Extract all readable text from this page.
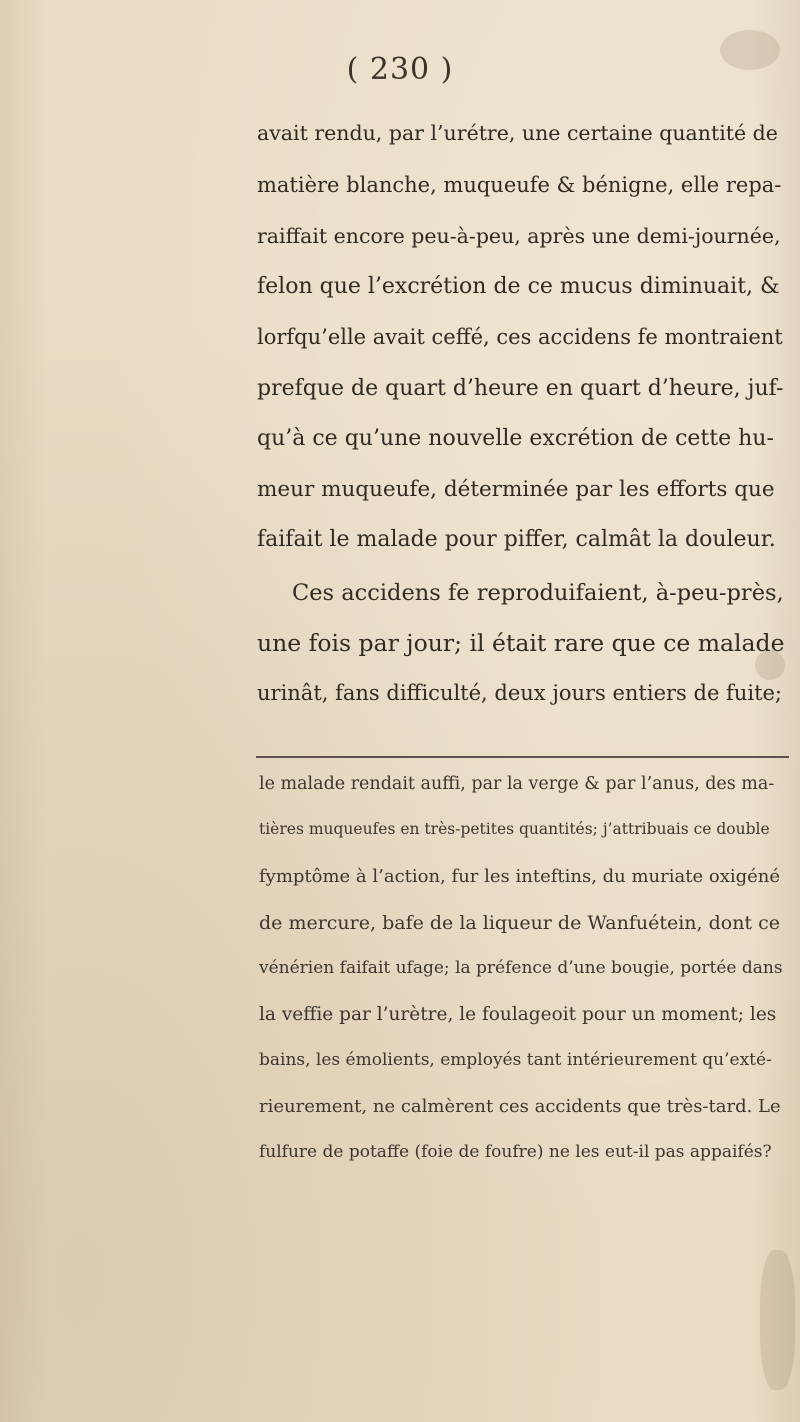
( 230 )
avait rendu, par l’urétre, une certaine quantité de
matière blanche, muqueufe & bénigne, elle repa-
raiffait encore peu-à-peu, après une demi-journée,
felon que l’excrétion de ce mucus diminuait, &
lorfqu’elle avait ceffé, ces accidens fe montraient
prefque de quart d’heure en quart d’heure, juf-
qu’à ce qu’une nouvelle excrétion de cette hu-
meur muqueufe, déterminée par les efforts que
faifait le malade pour piffer, calmât la douleur.
Ces accidens fe reproduifaient, à-peu-près,
une fois par jour; il était rare que ce malade
urinât, fans difficulté, deux jours entiers de fuite;
le malade rendait auffi, par la verge & par l’anus, des ma-
tières muqueufes en très-petites quantités; j’attribuais ce double
fymptôme à l’action, fur les inteftins, du muriate oxigéné
de mercure, bafe de la liqueur de Wanfuétein, dont ce
vénérien faifait ufage; la préfence d’une bougie, portée dans
la veffie par l’urètre, le foulageoit pour un moment; les
bains, les émolients, employés tant intérieurement qu’exté-
rieurement, ne calmèrent ces accidents que très-tard. Le
fulfure de potaffe (foie de foufre) ne les eut-il pas appaifés?
